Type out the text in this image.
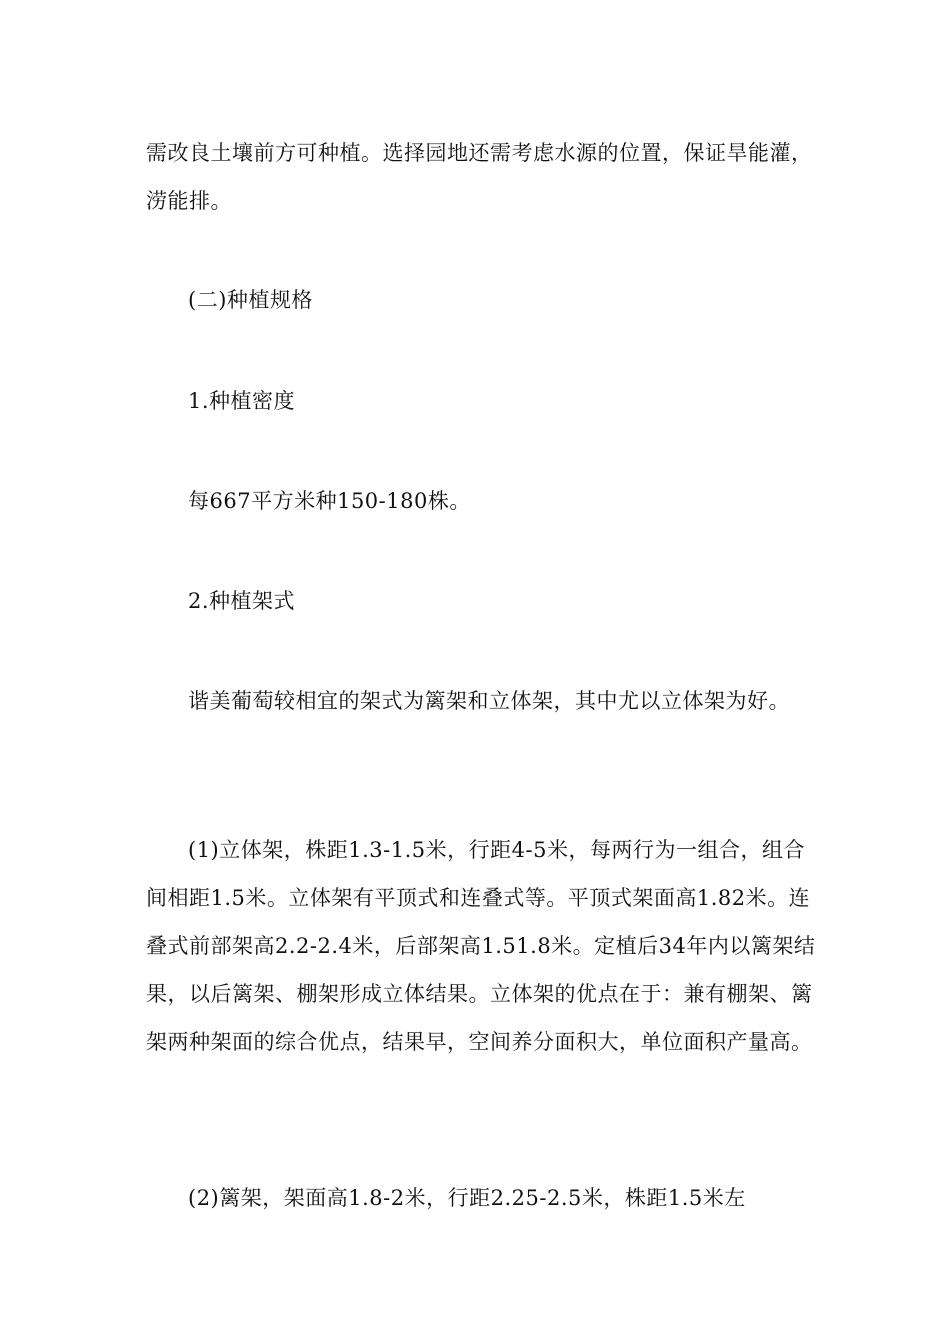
需改良土壤前方可种植。选择园地还需考虑水源的位置，保证旱能灌，涝能排。

(二)种植规格

1.种植密度

每667平方米种150-180株。

2.种植架式

谐美葡萄较相宜的架式为篱架和立体架，其中尤以立体架为好。

(1)立体架，株距1.3-1.5米，行距4-5米，每两行为一组合，组合间相距1.5米。立体架有平顶式和连叠式等。平顶式架面高1.82米。连叠式前部架高2.2-2.4米，后部架高1.51.8米。定植后34年内以篱架结果，以后篱架、棚架形成立体结果。立体架的优点在于：兼有棚架、篱架两种架面的综合优点，结果早，空间养分面积大，单位面积产量高。

(2)篱架，架面高1.8-2米，行距2.25-2.5米，株距1.5米左
